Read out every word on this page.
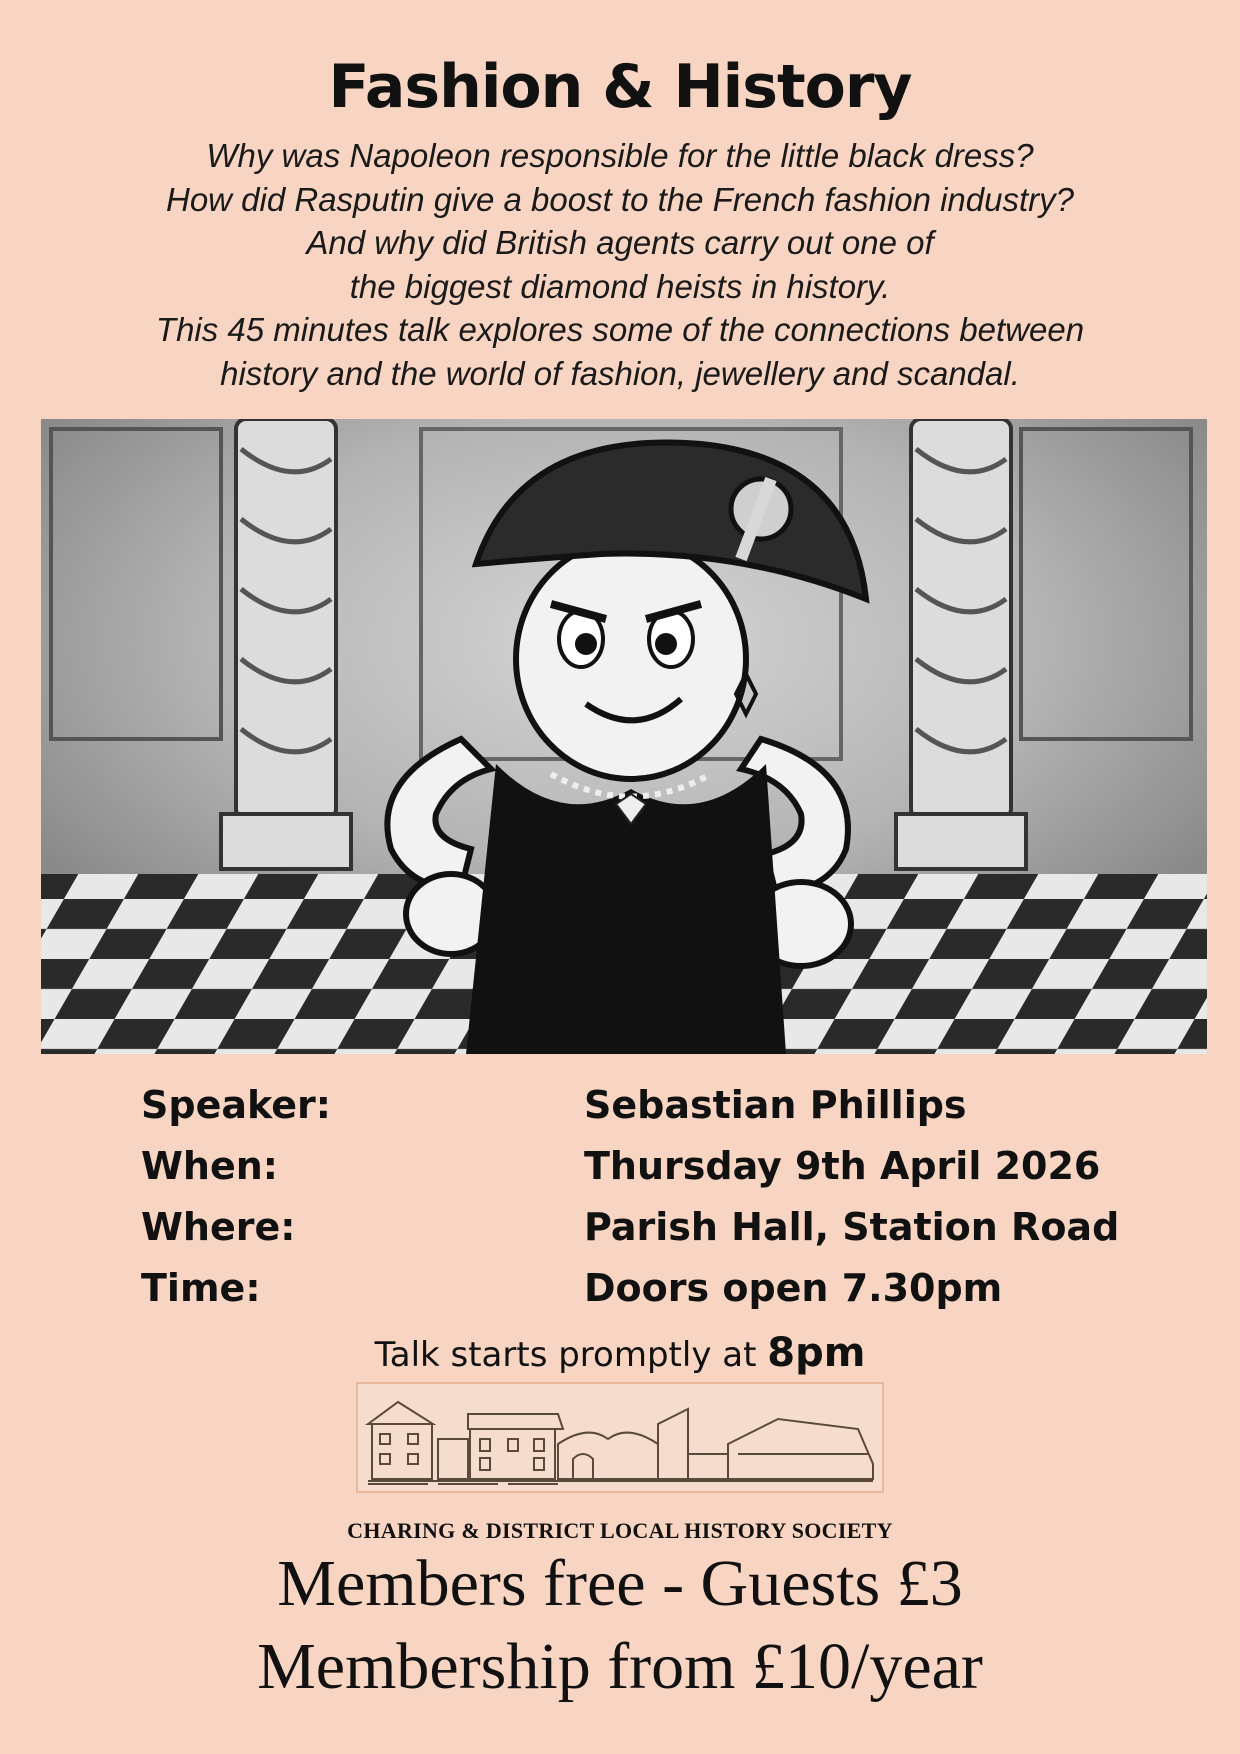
Fashion & History
Why was Napoleon responsible for the little black dress?
How did Rasputin give a boost to the French fashion industry?
And why did British agents carry out one of
the biggest diamond heists in history.
This 45 minutes talk explores some of the connections between
history and the world of fashion, jewellery and scandal.
Speaker:	Sebastian Phillips
When:	Thursday 9th April 2026
Where:	Parish Hall, Station Road
Time:	Doors open 7.30pm
Talk starts promptly at 8pm
CHARING & DISTRICT LOCAL HISTORY SOCIETY
Members free - Guests £3
Membership from £10/year
